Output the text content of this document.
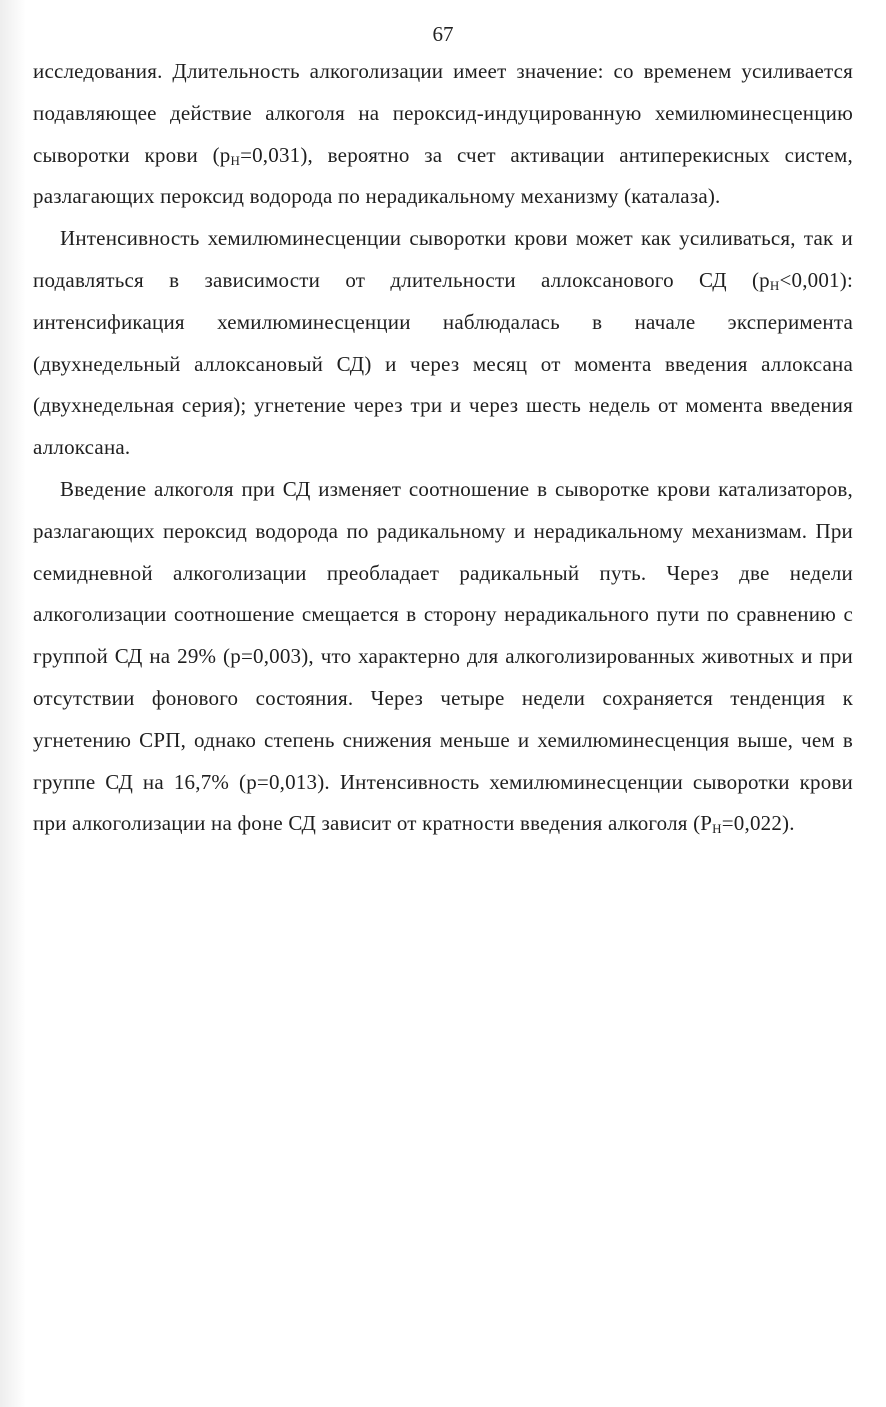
67

исследования. Длительность алкоголизации имеет значение: со временем усиливается подавляющее действие алкоголя на пероксид-индуцированную хемилюминесценцию сыворотки крови $(р_Н=0,031)$, вероятно за счет активации антиперекисных систем, разлагающих пероксид водорода по нерадикальному механизму (каталаза).

Интенсивность хемилюминесценции сыворотки крови может как усиливаться, так и подавляться в зависимости от длительности аллоксанового СД $(р_Н<0,001)$: интенсификация хемилюминесценции наблюдалась в начале эксперимента (двухнедельный аллоксановый СД) и через месяц от момента введения аллоксана (двухнедельная серия); угнетение через три и через шесть недель от момента введения аллоксана.

Введение алкоголя при СД изменяет соотношение в сыворотке крови катализаторов, разлагающих пероксид водорода по радикальному и нерадикальному механизмам. При семидневной алкоголизации преобладает радикальный путь. Через две недели алкоголизации соотношение смещается в сторону нерадикального пути по сравнению с группой СД на 29% (р=0,003), что характерно для алкоголизированных животных и при отсутствии фонового состояния. Через четыре недели сохраняется тенденция к угнетению СРП, однако степень снижения меньше и хемилюминесценция выше, чем в группе СД на 16,7% (р=0,013). Интенсивность хемилюминесценции сыворотки крови при алкоголизации на фоне СД зависит от кратности введения алкоголя $(Р_Н=0,022)$.
